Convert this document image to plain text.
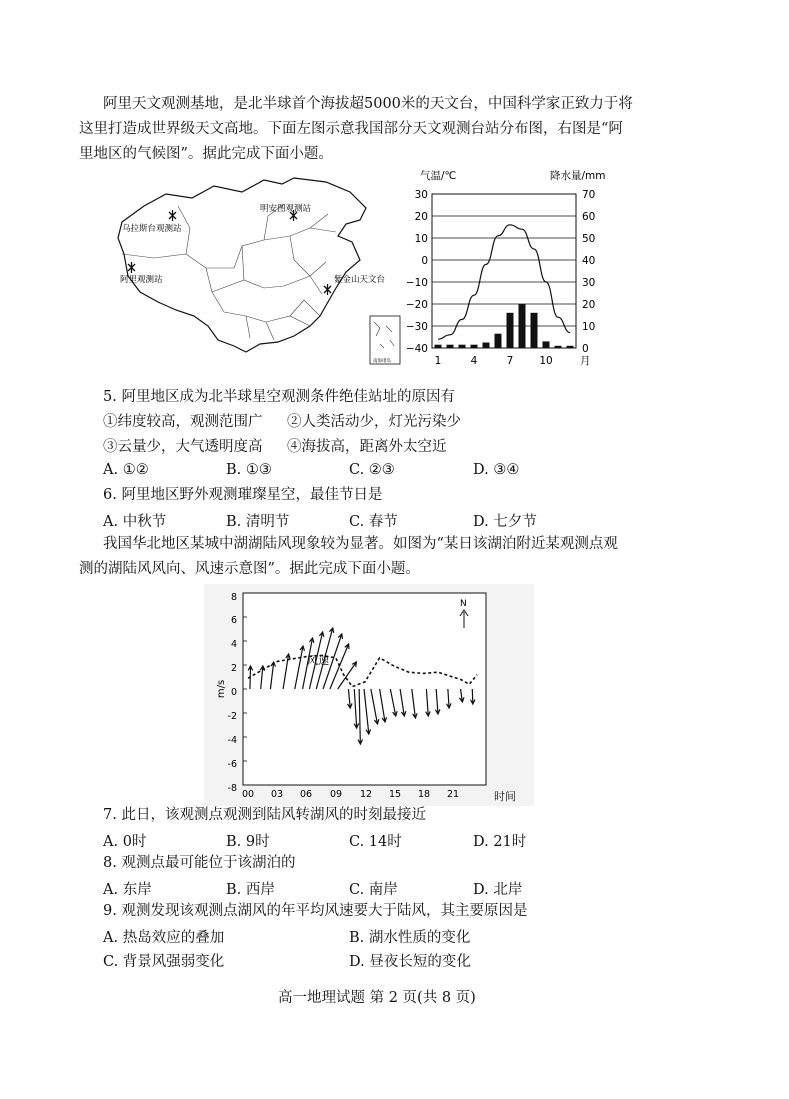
阿里天文观测基地，是北半球首个海拔超5000米的天文台，中国科学家正致力于将
这里打造成世界级天文高地。下面左图示意我国部分天文观测台站分布图，右图是“阿
里地区的气候图”。据此完成下面小题。
乌拉斯台观测站
明安图观测站
阿里观测站	紫金山天文台
南海诸岛
气温/℃	降水量/mm
30
20
10
0
−10
−20
−30
−40
70
60
50
40
30
20
10
0
1	4	7 10	月
5. 阿里地区成为北半球星空观测条件绝佳站址的原因有
①纬度较高，观测范围广 ②人类活动少，灯光污染少
③云量少，大气透明度高 ④海拔高，距离外太空近
A. ①②	B. ①③	C. ②③	D. ③④
6. 阿里地区野外观测璀璨星空，最佳节日是
A. 中秋节	B. 清明节	C. 春节	D. 七夕节
我国华北地区某城中湖湖陆风现象较为显著。如图为“某日该湖泊附近某观测点观
测的湖陆风风向、风速示意图”。据此完成下面小题。
8
6
4
2
0
-2
-4
-6
-8
m/s
风速
N
00 03 06 09 12 15 18 21	时间
7. 此日，该观测点观测到陆风转湖风的时刻最接近
A. 0时	B. 9时	C. 14时	D. 21时
8. 观测点最可能位于该湖泊的
A. 东岸	B. 西岸	C. 南岸	D. 北岸
9. 观测发现该观测点湖风的年平均风速要大于陆风，其主要原因是
A. 热岛效应的叠加	B. 湖水性质的变化
C. 背景风强弱变化	D. 昼夜长短的变化
高一地理试题 第 2 页(共 8 页)
